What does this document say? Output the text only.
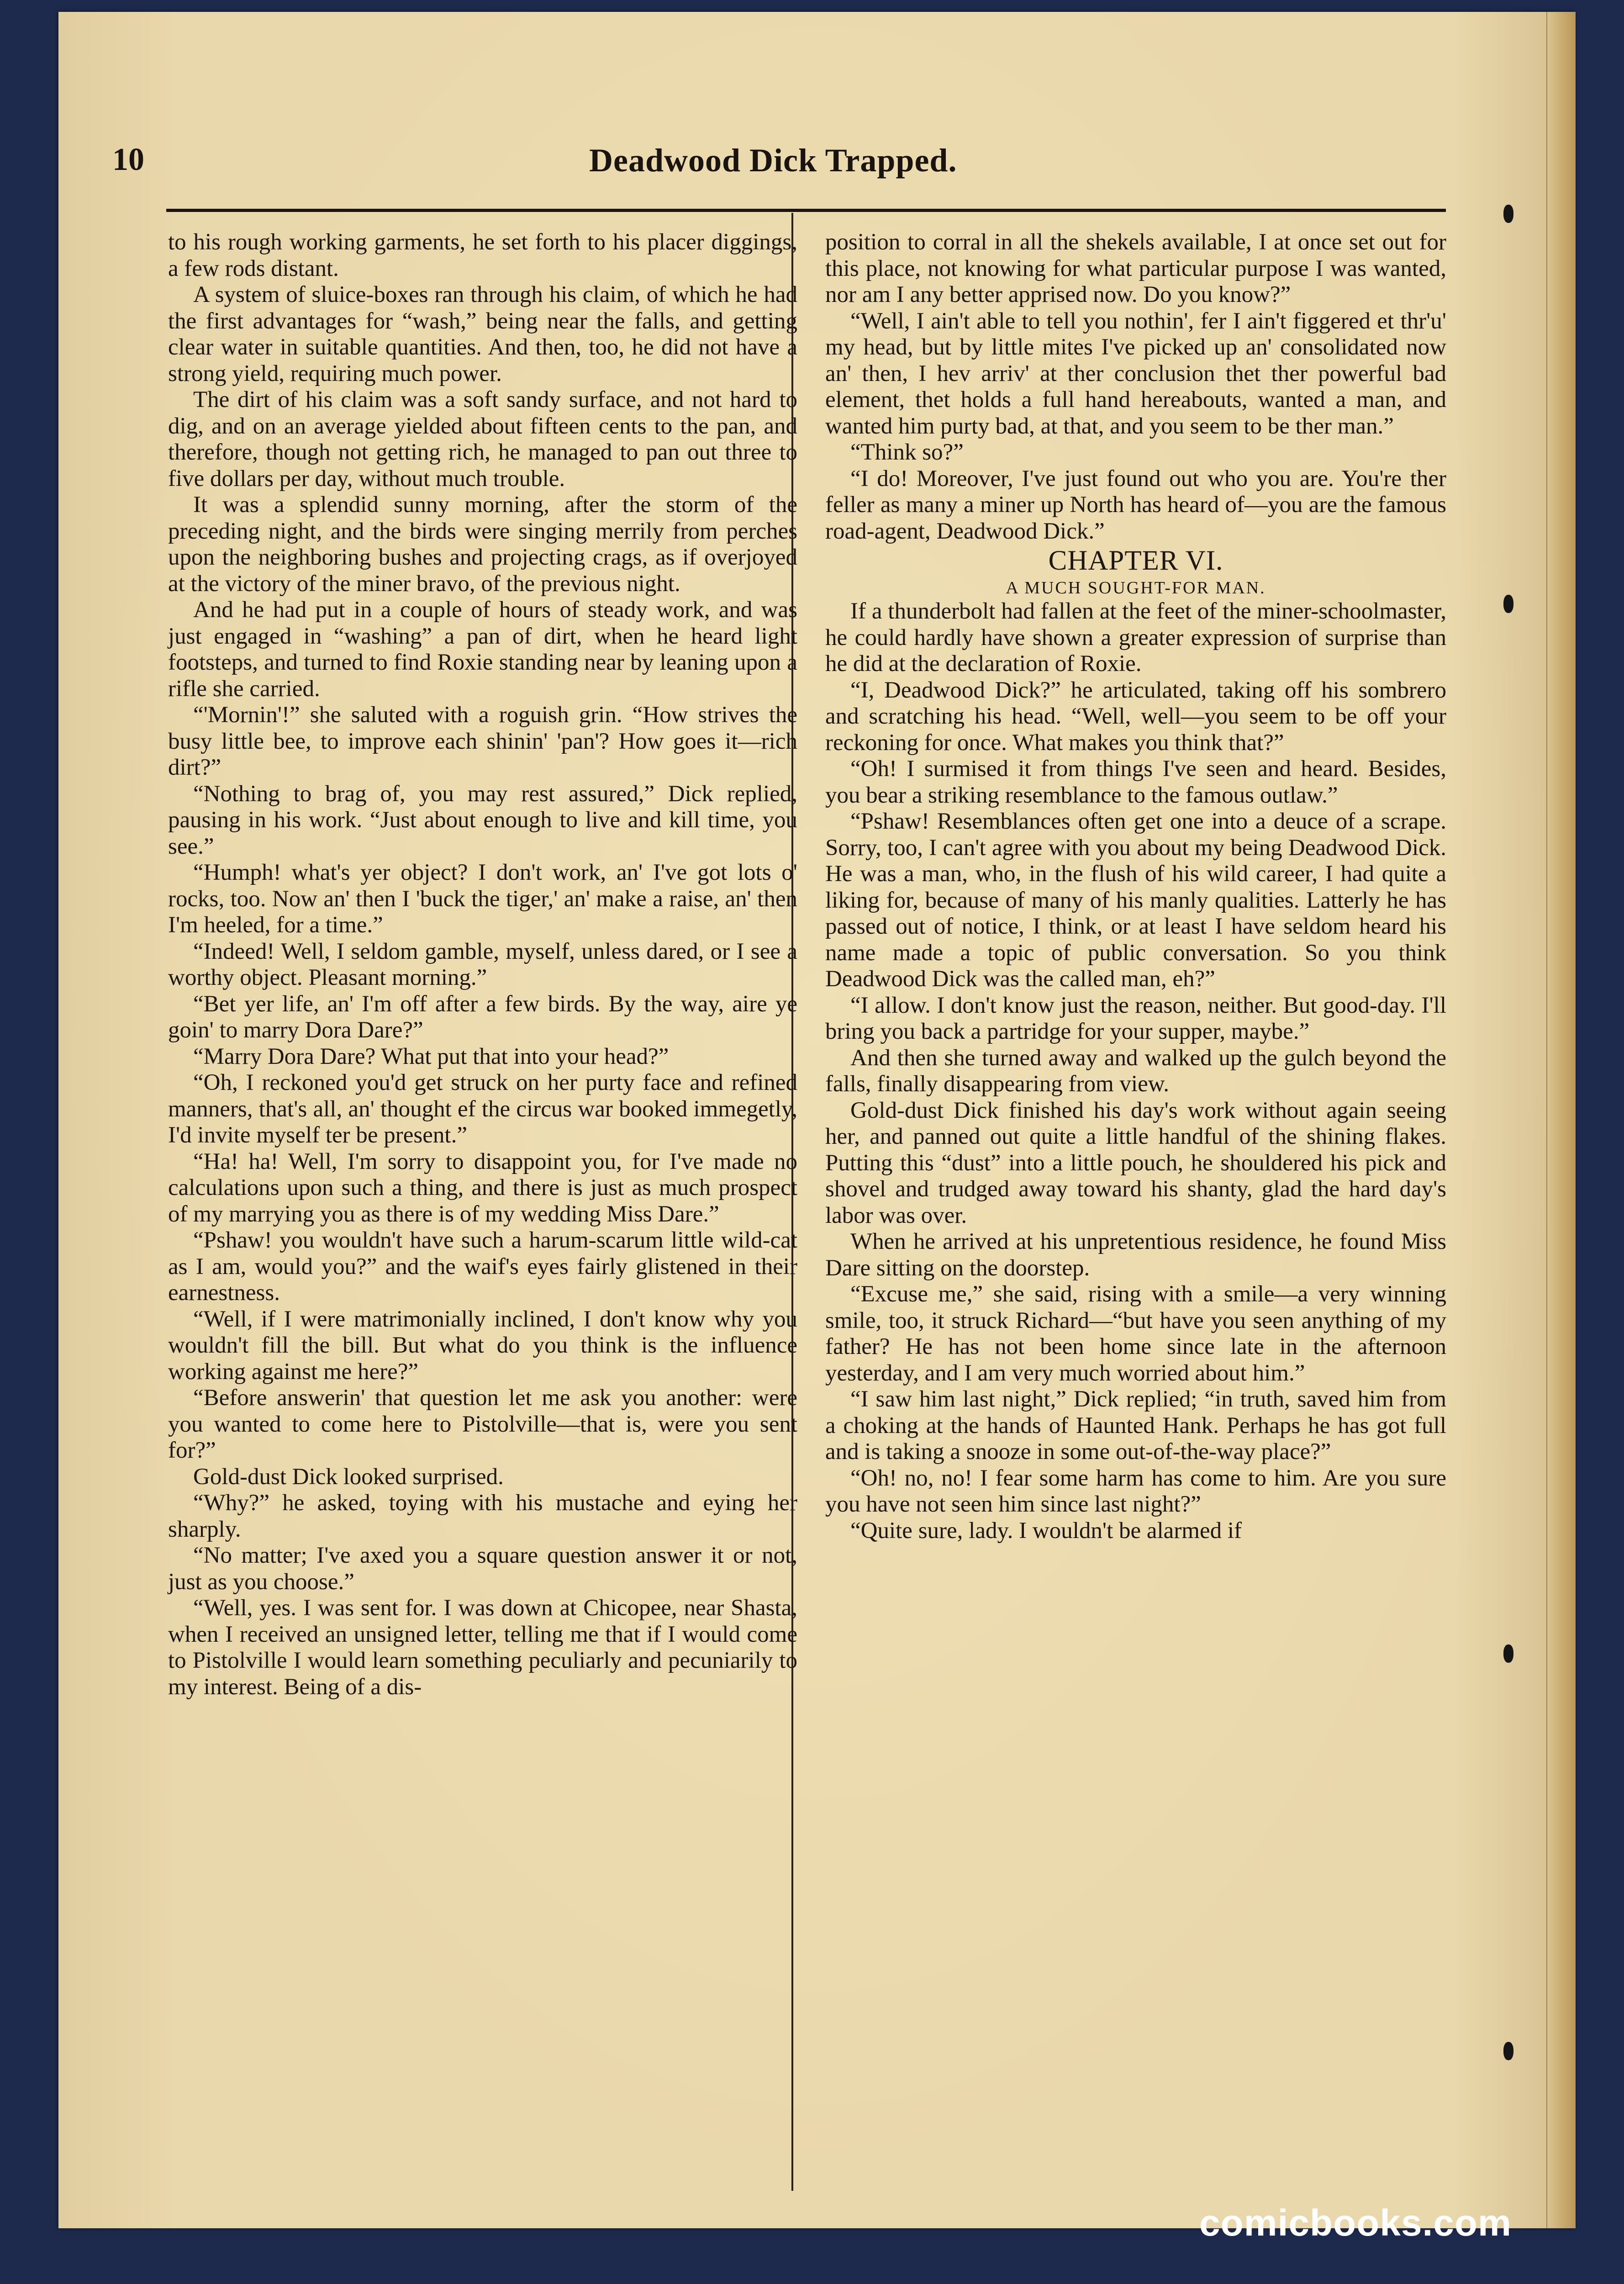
10	Deadwood Dick Trapped.

to his rough working garments, he set forth to his placer diggings, a few rods distant.

A system of sluice-boxes ran through his claim, of which he had the first advantages for “wash,” being near the falls, and getting clear water in suitable quantities. And then, too, he did not have a strong yield, requiring much power.

The dirt of his claim was a soft sandy surface, and not hard to dig, and on an average yielded about fifteen cents to the pan, and therefore, though not getting rich, he managed to pan out three to five dollars per day, without much trouble.

It was a splendid sunny morning, after the storm of the preceding night, and the birds were singing merrily from perches upon the neighboring bushes and projecting crags, as if overjoyed at the victory of the miner bravo, of the previous night.

And he had put in a couple of hours of steady work, and was just engaged in “washing” a pan of dirt, when he heard light footsteps, and turned to find Roxie standing near by leaning upon a rifle she carried.

“'Mornin'!” she saluted with a roguish grin. “How strives the busy little bee, to improve each shinin' 'pan'? How goes it—rich dirt?”

“Nothing to brag of, you may rest assured,” Dick replied, pausing in his work. “Just about enough to live and kill time, you see.”

“Humph! what's yer object? I don't work, an' I've got lots o' rocks, too. Now an' then I 'buck the tiger,' an' make a raise, an' then I'm heeled, for a time.”

“Indeed! Well, I seldom gamble, myself, unless dared, or I see a worthy object. Pleasant morning.”

“Bet yer life, an' I'm off after a few birds. By the way, aire ye goin' to marry Dora Dare?”

“Marry Dora Dare? What put that into your head?”

“Oh, I reckoned you'd get struck on her purty face and refined manners, that's all, an' thought ef the circus war booked immegetly, I'd invite myself ter be present.”

“Ha! ha! Well, I'm sorry to disappoint you, for I've made no calculations upon such a thing, and there is just as much prospect of my marrying you as there is of my wedding Miss Dare.”

“Pshaw! you wouldn't have such a harum-scarum little wild-cat as I am, would you?” and the waif's eyes fairly glistened in their earnestness.

“Well, if I were matrimonially inclined, I don't know why you wouldn't fill the bill. But what do you think is the influence working against me here?”

“Before answerin' that question let me ask you another: were you wanted to come here to Pistolville—that is, were you sent for?”

Gold-dust Dick looked surprised.

“Why?” he asked, toying with his mustache and eying her sharply.

“No matter; I've axed you a square question answer it or not, just as you choose.”

“Well, yes. I was sent for. I was down at Chicopee, near Shasta, when I received an unsigned letter, telling me that if I would come to Pistolville I would learn something peculiarly and pecuniarily to my interest. Being of a dis-

position to corral in all the shekels available, I at once set out for this place, not knowing for what particular purpose I was wanted, nor am I any better apprised now. Do you know?”

“Well, I ain't able to tell you nothin', fer I ain't figgered et thr'u' my head, but by little mites I've picked up an' consolidated now an' then, I hev arriv' at ther conclusion thet ther powerful bad element, thet holds a full hand hereabouts, wanted a man, and wanted him purty bad, at that, and you seem to be ther man.”

“Think so?”

“I do! Moreover, I've just found out who you are. You're ther feller as many a miner up North has heard of—you are the famous road-agent, Deadwood Dick.”

CHAPTER VI.

A MUCH SOUGHT-FOR MAN.

If a thunderbolt had fallen at the feet of the miner-schoolmaster, he could hardly have shown a greater expression of surprise than he did at the declaration of Roxie.

“I, Deadwood Dick?” he articulated, taking off his sombrero and scratching his head. “Well, well—you seem to be off your reckoning for once. What makes you think that?”

“Oh! I surmised it from things I've seen and heard. Besides, you bear a striking resemblance to the famous outlaw.”

“Pshaw! Resemblances often get one into a deuce of a scrape. Sorry, too, I can't agree with you about my being Deadwood Dick. He was a man, who, in the flush of his wild career, I had quite a liking for, because of many of his manly qualities. Latterly he has passed out of notice, I think, or at least I have seldom heard his name made a topic of public conversation. So you think Deadwood Dick was the called man, eh?”

“I allow. I don't know just the reason, neither. But good-day. I'll bring you back a partridge for your supper, maybe.”

And then she turned away and walked up the gulch beyond the falls, finally disappearing from view.

Gold-dust Dick finished his day's work without again seeing her, and panned out quite a little handful of the shining flakes. Putting this “dust” into a little pouch, he shouldered his pick and shovel and trudged away toward his shanty, glad the hard day's labor was over.

When he arrived at his unpretentious residence, he found Miss Dare sitting on the doorstep.

“Excuse me,” she said, rising with a smile—a very winning smile, too, it struck Richard—“but have you seen anything of my father? He has not been home since late in the afternoon yesterday, and I am very much worried about him.”

“I saw him last night,” Dick replied; “in truth, saved him from a choking at the hands of Haunted Hank. Perhaps he has got full and is taking a snooze in some out-of-the-way place?”

“Oh! no, no! I fear some harm has come to him. Are you sure you have not seen him since last night?”

“Quite sure, lady. I wouldn't be alarmed if

comicbooks.com
